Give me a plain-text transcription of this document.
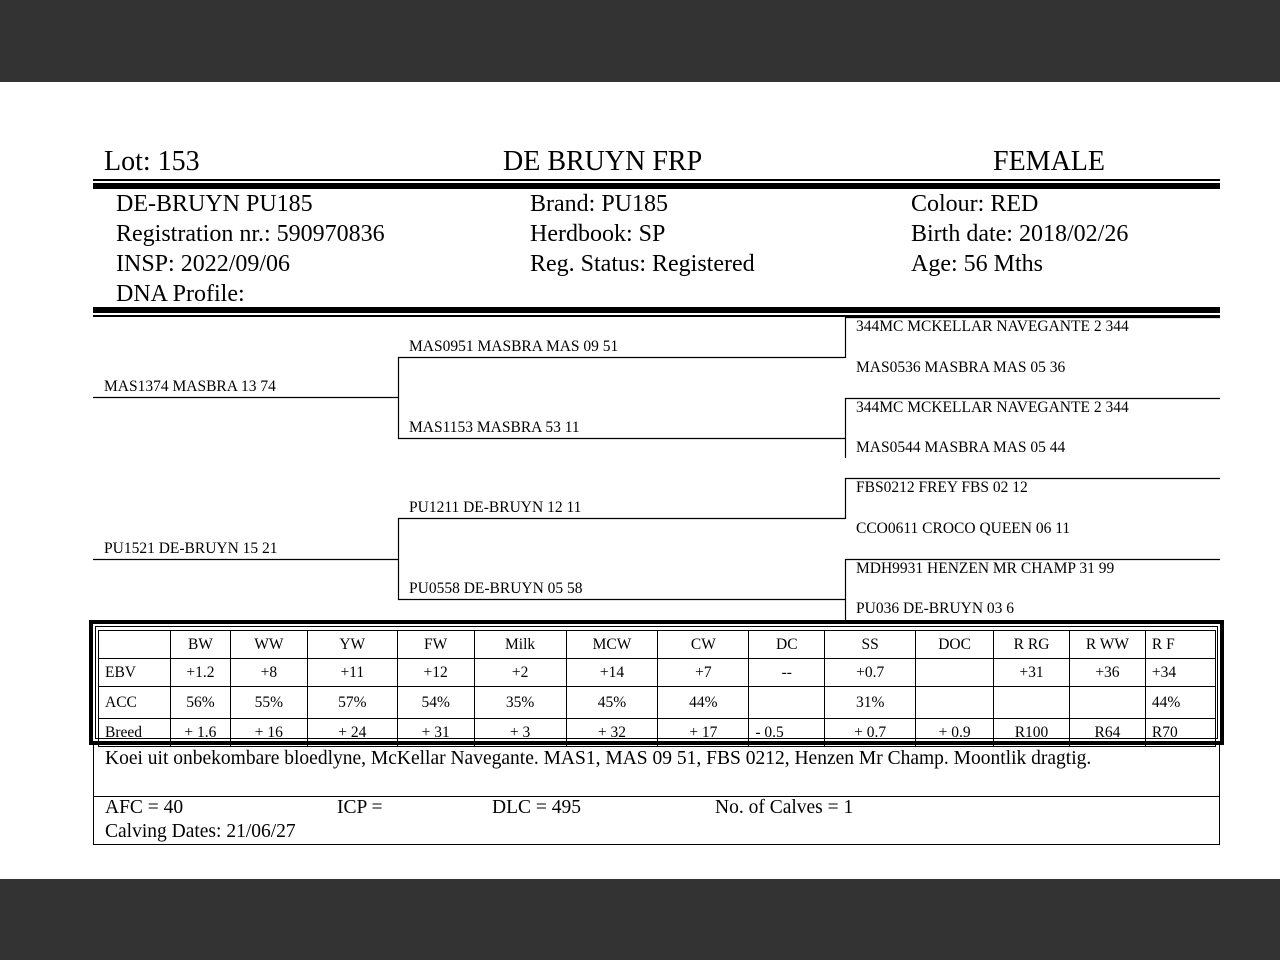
Lot: 153	DE BRUYN FRP	FEMALE
DE-BRUYN PU185
Registration nr.: 590970836
INSP: 2022/09/06
DNA Profile:
Brand: PU185
Herdbook: SP
Reg. Status: Registered
Colour: RED
Birth date: 2018/02/26
Age: 56 Mths
MAS1374 MASBRA 13 74
PU1521 DE-BRUYN 15 21
MAS0951 MASBRA MAS 09 51
MAS1153 MASBRA 53 11
PU1211 DE-BRUYN 12 11
PU0558 DE-BRUYN 05 58
344MC MCKELLAR NAVEGANTE 2 344
MAS0536 MASBRA MAS 05 36
344MC MCKELLAR NAVEGANTE 2 344
MAS0544 MASBRA MAS 05 44
FBS0212 FREY FBS 02 12
CCO0611 CROCO QUEEN 06 11
MDH9931 HENZEN MR CHAMP 31 99
PU036 DE-BRUYN 03 6
	BW	WW	YW	FW	Milk	MCW	CW	DC	SS	DOC	R RG	R WW	R F
EBV	+1.2	+8	+11	+12	+2	+14	+7	--	+0.7		+31	+36	+34
ACC	56%	55%	57%	54%	35%	45%	44%		31%				44%
Breed	+ 1.6	+ 16	+ 24	+ 31	+ 3	+ 32	+ 17	- 0.5	+ 0.7	+ 0.9	R100	R64	R70
Koei uit onbekombare bloedlyne, McKellar Navegante. MAS1, MAS 09 51, FBS 0212, Henzen Mr Champ. Moontlik dragtig.
AFC = 40	ICP =	DLC = 495	No. of Calves = 1
Calving Dates: 21/06/27
